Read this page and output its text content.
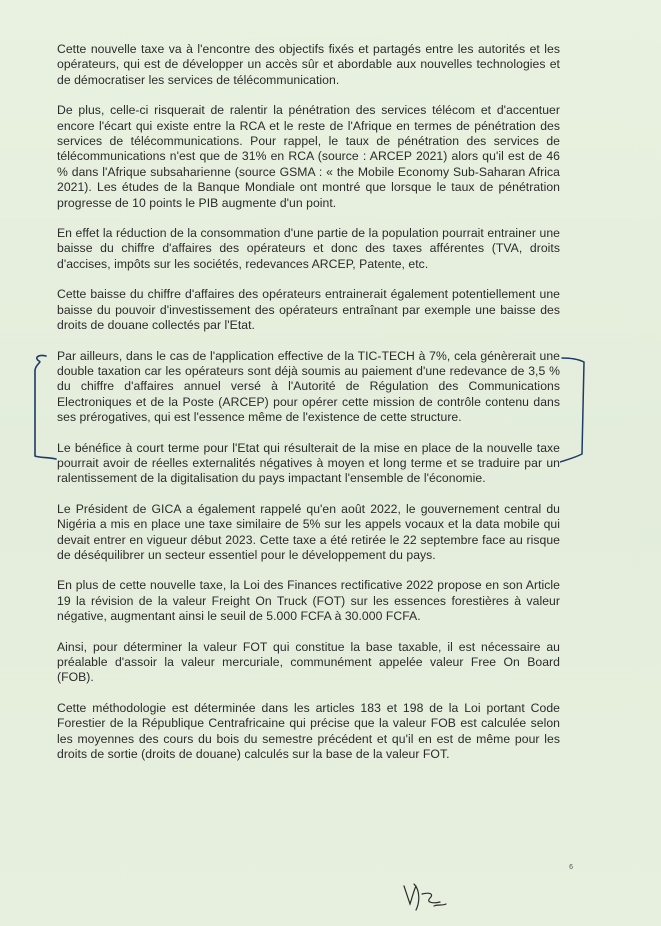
Cette nouvelle taxe va à l'encontre des objectifs fixés et partagés entre les autorités et les opérateurs, qui est de développer un accès sûr et abordable aux nouvelles technologies et de démocratiser les services de télécommunication.

De plus, celle-ci risquerait de ralentir la pénétration des services télécom et d'accentuer encore l'écart qui existe entre la RCA et le reste de l'Afrique en termes de pénétration des services de télécommunications. Pour rappel, le taux de pénétration des services de télécommunications n'est que de 31% en RCA (source : ARCEP 2021) alors qu'il est de 46 % dans l'Afrique subsaharienne (source GSMA : « the Mobile Economy Sub-Saharan Africa 2021). Les études de la Banque Mondiale ont montré que lorsque le taux de pénétration progresse de 10 points le PIB augmente d'un point.

En effet la réduction de la consommation d'une partie de la population pourrait entrainer une baisse du chiffre d'affaires des opérateurs et donc des taxes afférentes (TVA, droits d'accises, impôts sur les sociétés, redevances ARCEP, Patente, etc.

Cette baisse du chiffre d'affaires des opérateurs entrainerait également potentiellement une baisse du pouvoir d'investissement des opérateurs entraînant par exemple une baisse des droits de douane collectés par l'Etat.

Par ailleurs, dans le cas de l'application effective de la TIC-TECH à 7%, cela génèrerait une double taxation car les opérateurs sont déjà soumis au paiement d'une redevance de 3,5 % du chiffre d'affaires annuel versé à l'Autorité de Régulation des Communications Electroniques et de la Poste (ARCEP) pour opérer cette mission de contrôle contenu dans ses prérogatives, qui est l'essence même de l'existence de cette structure.

Le bénéfice à court terme pour l'Etat qui résulterait de la mise en place de la nouvelle taxe pourrait avoir de réelles externalités négatives à moyen et long terme et se traduire par un ralentissement de la digitalisation du pays impactant l'ensemble de l'économie.

Le Président de GICA a également rappelé qu'en août 2022, le gouvernement central du Nigéria a mis en place une taxe similaire de 5% sur les appels vocaux et la data mobile qui devait entrer en vigueur début 2023. Cette taxe a été retirée le 22 septembre face au risque de déséquilibrer un secteur essentiel pour le développement du pays.

En plus de cette nouvelle taxe, la Loi des Finances rectificative 2022 propose en son Article 19 la révision de la valeur Freight On Truck (FOT) sur les essences forestières à valeur négative, augmentant ainsi le seuil de 5.000 FCFA à 30.000 FCFA.

Ainsi, pour déterminer la valeur FOT qui constitue la base taxable, il est nécessaire au préalable d'assoir la valeur mercuriale, communément appelée valeur Free On Board (FOB).

Cette méthodologie est déterminée dans les articles 183 et 198 de la Loi portant Code Forestier de la République Centrafricaine qui précise que la valeur FOB est calculée selon les moyennes des cours du bois du semestre précédent et qu'il en est de même pour les droits de sortie (droits de douane) calculés sur la base de la valeur FOT.

6
